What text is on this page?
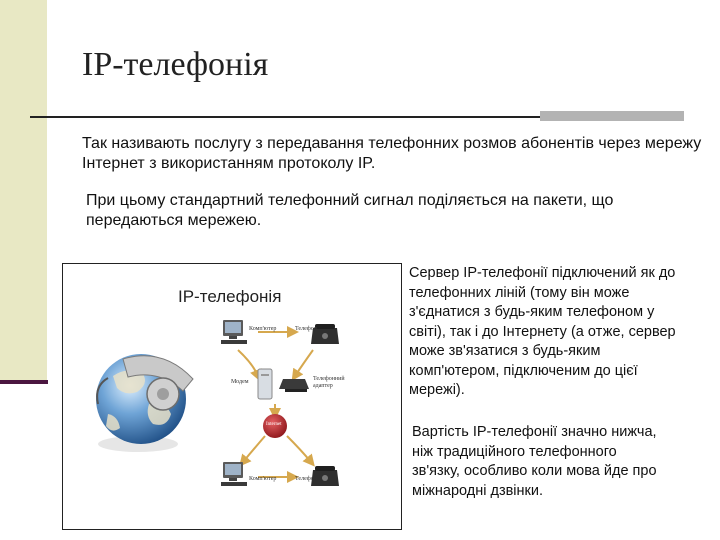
IP-телефонія
Так називають послугу з передавання телефонних розмов абонентів через мережу Інтернет з використанням протоколу IP.
При цьому стандартний телефонний сигнал поділяється на пакети, що передаються мережею.
IP-телефонія
Комп'ютер	Телефон
Модем	Телефонний
адаптер
Internet
Комп'ютер	Телефон
Сервер IP-телефонії підключений як до телефонних ліній (тому він може з'єднатися з будь-яким телефоном у світі), так і до Інтернету (а отже, сервер може зв'язатися з будь-яким комп'ютером, підключеним до цієї мережі).
Вартість IP-телефонії значно нижча, ніж традиційного телефонного зв'язку, особливо коли мова йде про міжнародні дзвінки.
